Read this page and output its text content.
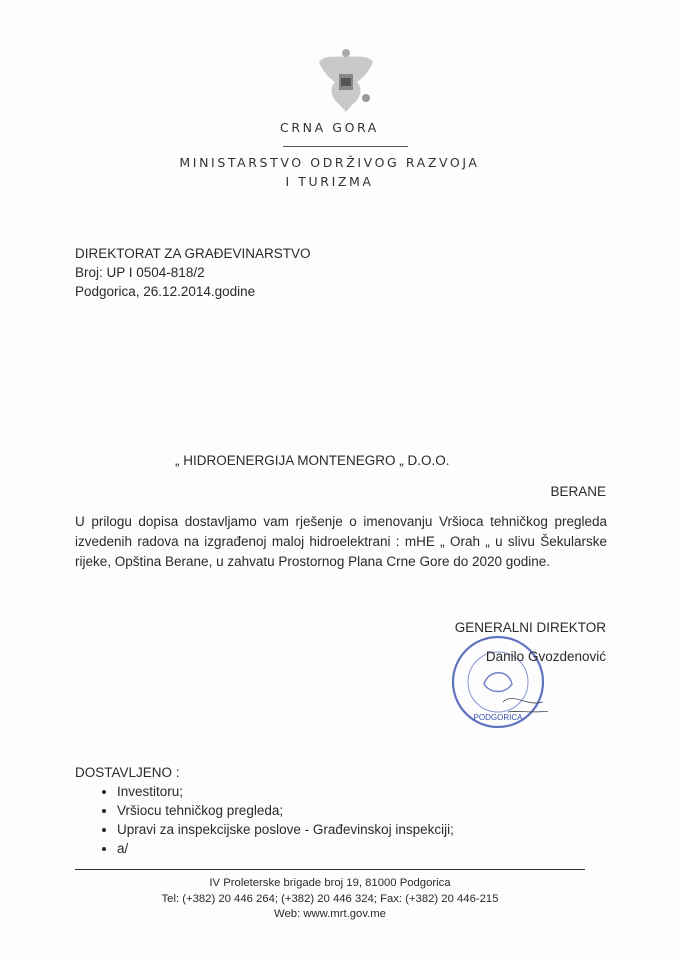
CRNA GORA
MINISTARSTVO ODRŽIVOG RAZVOJA
I TURIZMA
DIREKTORAT ZA GRAĐEVINARSTVO
Broj: UP I 0504-818/2
Podgorica, 26.12.2014.godine
„ HIDROENERGIJA MONTENEGRO „ D.O.O.
BERANE
U prilogu dopisa dostavljamo vam rješenje o imenovanju Vršioca tehničkog pregleda izvedenih radova na izgrađenoj maloj hidroelektrani : mHE „ Orah „ u slivu Šekularske rijeke, Opština Berane, u zahvatu Prostornog Plana Crne Gore do 2020 godine.
GENERALNI DIREKTOR
PODGORICA
Danilo Gvozdenović
DOSTAVLJENO :
• Investitoru;
• Vršiocu tehničkog pregleda;
• Upravi za inspekcijske poslove - Građevinskoj inspekciji;
• a/
IV Proleterske brigade broj 19, 81000 Podgorica
Tel: (+382) 20 446 264; (+382) 20 446 324; Fax: (+382) 20 446-215
Web: www.mrt.gov.me
